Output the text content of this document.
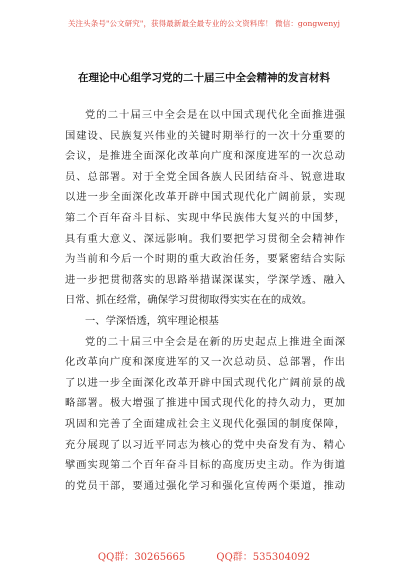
关注头条号"公文研究"，获得最新最全最专业的公文资料库！ 微信：gongwenyj
在理论中心组学习党的二十届三中全会精神的发言材料
党的二十届三中全会是在以中国式现代化全面推进强
国建设、民族复兴伟业的关键时期举行的一次十分重要的
会议，是推进全面深化改革向广度和深度进军的一次总动
员、总部署。对于全党全国各族人民团结奋斗、锐意进取
以进一步全面深化改革开辟中国式现代化广阔前景，实现
第二个百年奋斗目标、实现中华民族伟大复兴的中国梦，
具有重大意义、深远影响。我们要把学习贯彻全会精神作
为当前和今后一个时期的重大政治任务，要紧密结合实际
进一步把贯彻落实的思路举措谋深谋实，学深学透、融入
日常、抓在经常，确保学习贯彻取得实实在在的成效。
一、学深悟透，筑牢理论根基
党的二十届三中全会是在新的历史起点上推进全面深
化改革向广度和深度进军的又一次总动员、总部署，作出
了以进一步全面深化改革开辟中国式现代化广阔前景的战
略部署。极大增强了推进中国式现代化的持久动力，更加
巩固和完善了全面建成社会主义现代化强国的制度保障，
充分展现了以习近平同志为核心的党中央奋发有为、精心
擘画实现第二个百年奋斗目标的高度历史主动。作为街道
的党员干部，要通过强化学习和强化宣传两个渠道，推动
QQ群：30265665	QQ群：535304092
